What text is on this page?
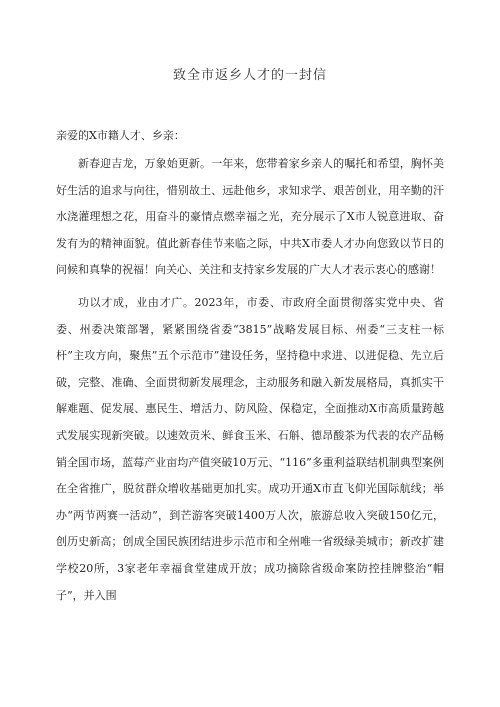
致全市返乡人才的一封信

亲爱的X市籍人才、乡亲：

新春迎吉龙，万象始更新。一年来，您带着家乡亲人的嘱托和希望，胸怀美好生活的追求与向往，惜别故土、远赴他乡，求知求学、艰苦创业，用辛勤的汗水浇灌理想之花，用奋斗的豪情点燃幸福之光，充分展示了X市人锐意进取、奋发有为的精神面貌。值此新春佳节来临之际，中共X市委人才办向您致以节日的问候和真挚的祝福！向关心、关注和支持家乡发展的广大人才表示衷心的感谢！

功以才成，业由才广。2023年，市委、市政府全面贯彻落实党中央、省委、州委决策部署，紧紧围绕省委“3815”战略发展目标、州委“三支柱一标杆”主攻方向，聚焦”五个示范市”建设任务，坚持稳中求进、以进促稳、先立后破，完整、准确、全面贯彻新发展理念，主动服务和融入新发展格局，真抓实干解难题、促发展、惠民生、增活力、防风险、保稳定，全面推动X市高质量跨越式发展实现新突破。以速效贡米、鲜食玉米、石斛、德昂酸茶为代表的农产品畅销全国市场，蓝莓产业亩均产值突破10万元、“116”多重利益联结机制典型案例在全省推广，脱贫群众增收基础更加扎实。成功开通X市直飞仰光国际航线；举办“两节两赛一活动”，到芒游客突破1400万人次，旅游总收入突破150亿元，创历史新高；创成全国民族团结进步示范市和全州唯一省级绿美城市；新改扩建学校20所，3家老年幸福食堂建成开放；成功摘除省级命案防控挂牌整治“帽子”，并入围
